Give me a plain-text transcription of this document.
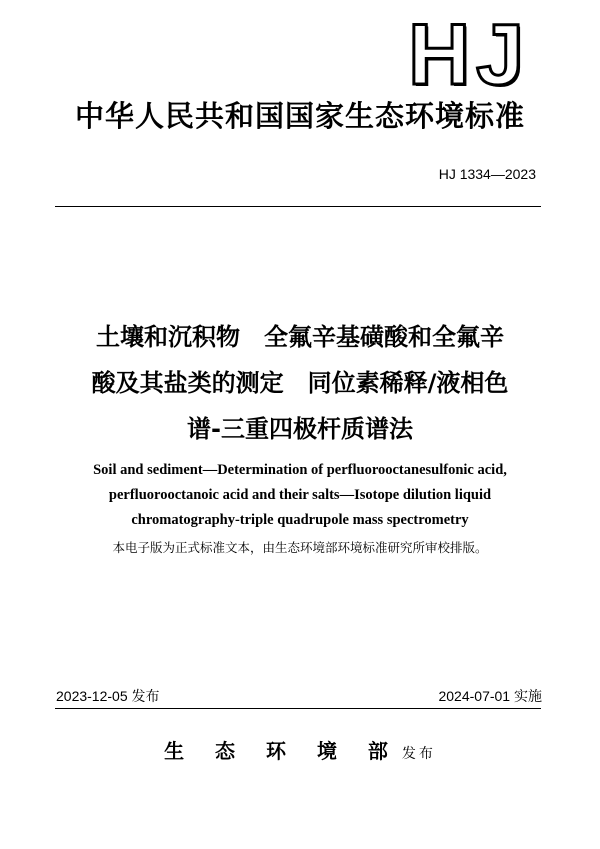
HJ
中华人民共和国国家生态环境标准
HJ 1334—2023
土壤和沉积物　全氟辛基磺酸和全氟辛
酸及其盐类的测定　同位素稀释/液相色
谱-三重四极杆质谱法
Soil and sediment—Determination of perfluorooctanesulfonic acid,
perfluorooctanoic acid and their salts—Isotope dilution liquid
chromatography-triple quadrupole mass spectrometry
本电子版为正式标准文本，由生态环境部环境标准研究所审校排版。
2023-12-05 发布	2024-07-01 实施
生 态 环 境 部 发布
